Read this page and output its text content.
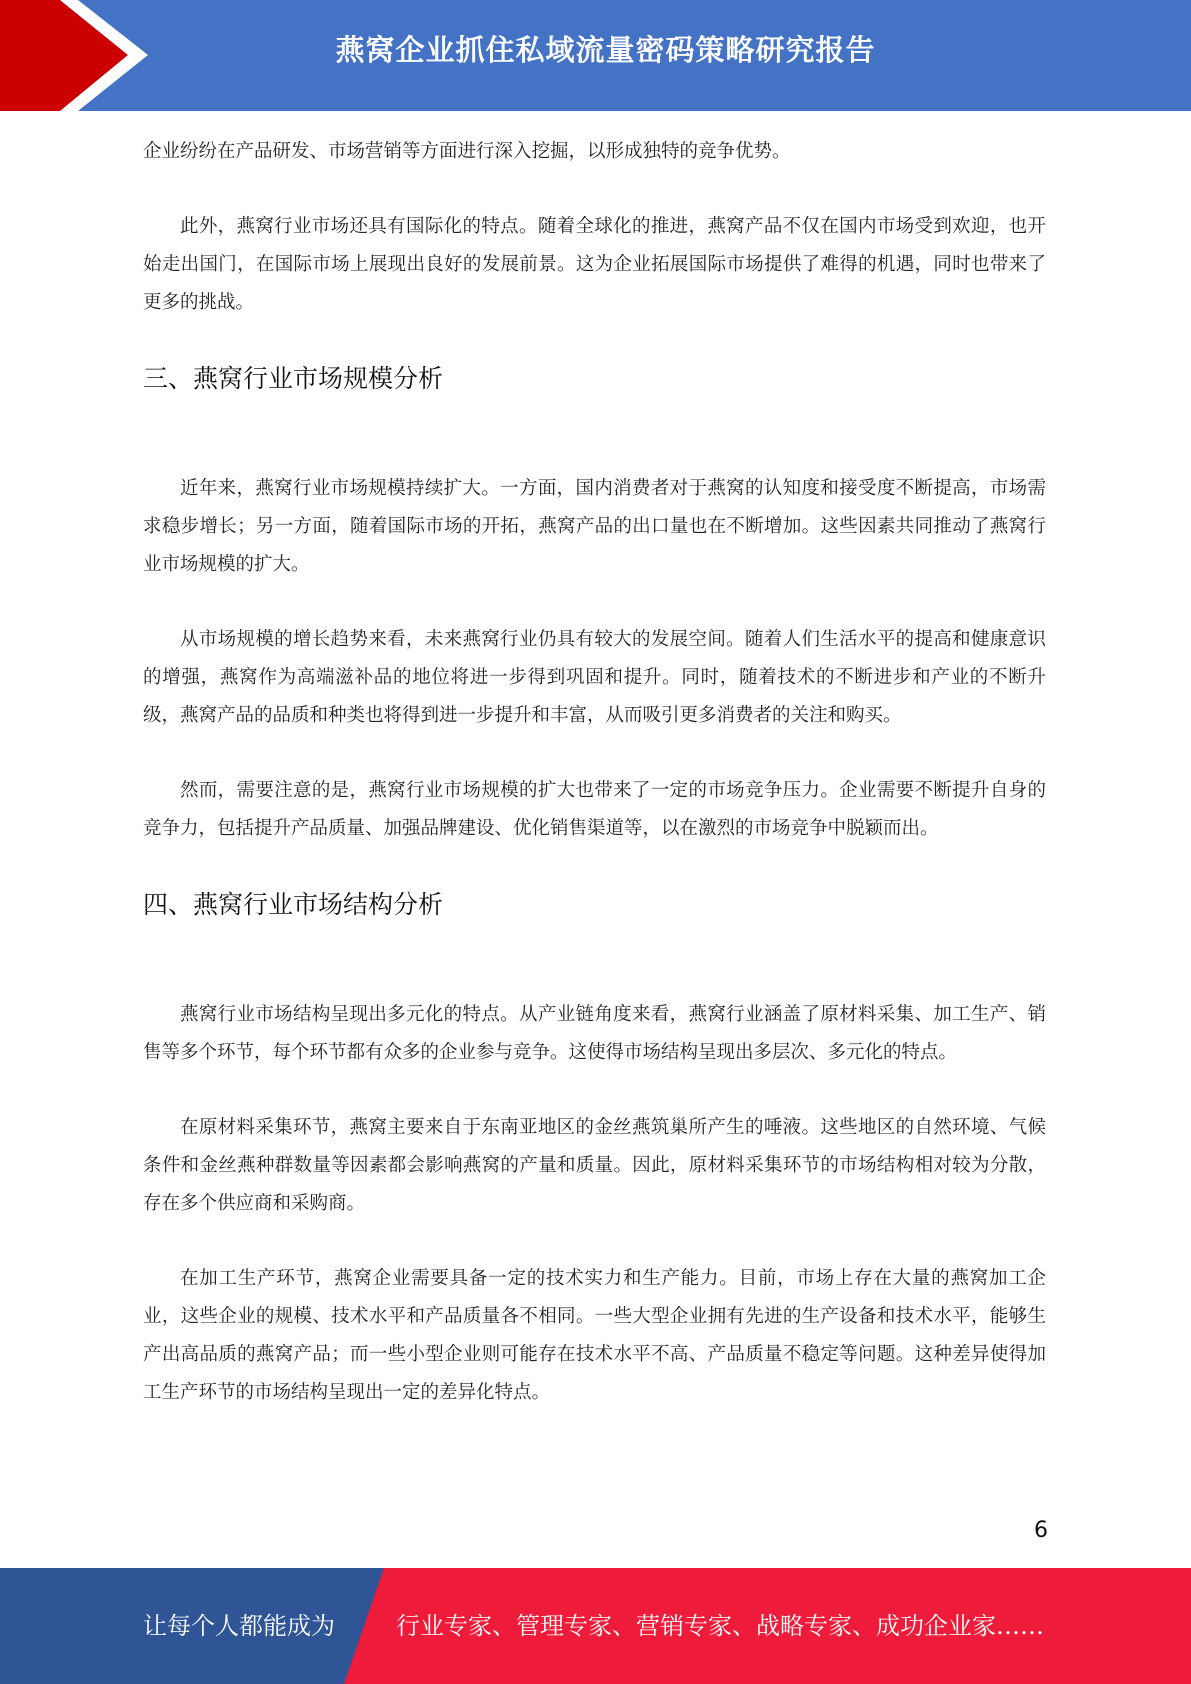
燕窝企业抓住私域流量密码策略研究报告

企业纷纷在产品研发、市场营销等方面进行深入挖掘，以形成独特的竞争优势。

此外，燕窝行业市场还具有国际化的特点。随着全球化的推进，燕窝产品不仅在国内市场受到欢迎，也开始走出国门，在国际市场上展现出良好的发展前景。这为企业拓展国际市场提供了难得的机遇，同时也带来了更多的挑战。

三、燕窝行业市场规模分析

近年来，燕窝行业市场规模持续扩大。一方面，国内消费者对于燕窝的认知度和接受度不断提高，市场需求稳步增长；另一方面，随着国际市场的开拓，燕窝产品的出口量也在不断增加。这些因素共同推动了燕窝行业市场规模的扩大。

从市场规模的增长趋势来看，未来燕窝行业仍具有较大的发展空间。随着人们生活水平的提高和健康意识的增强，燕窝作为高端滋补品的地位将进一步得到巩固和提升。同时，随着技术的不断进步和产业的不断升级，燕窝产品的品质和种类也将得到进一步提升和丰富，从而吸引更多消费者的关注和购买。

然而，需要注意的是，燕窝行业市场规模的扩大也带来了一定的市场竞争压力。企业需要不断提升自身的竞争力，包括提升产品质量、加强品牌建设、优化销售渠道等，以在激烈的市场竞争中脱颖而出。

四、燕窝行业市场结构分析

燕窝行业市场结构呈现出多元化的特点。从产业链角度来看，燕窝行业涵盖了原材料采集、加工生产、销售等多个环节，每个环节都有众多的企业参与竞争。这使得市场结构呈现出多层次、多元化的特点。

在原材料采集环节，燕窝主要来自于东南亚地区的金丝燕筑巢所产生的唾液。这些地区的自然环境、气候条件和金丝燕种群数量等因素都会影响燕窝的产量和质量。因此，原材料采集环节的市场结构相对较为分散，存在多个供应商和采购商。

在加工生产环节，燕窝企业需要具备一定的技术实力和生产能力。目前，市场上存在大量的燕窝加工企业，这些企业的规模、技术水平和产品质量各不相同。一些大型企业拥有先进的生产设备和技术水平，能够生产出高品质的燕窝产品；而一些小型企业则可能存在技术水平不高、产品质量不稳定等问题。这种差异使得加工生产环节的市场结构呈现出一定的差异化特点。

6
让每个人都能成为	行业专家、管理专家、营销专家、战略专家、成功企业家……
